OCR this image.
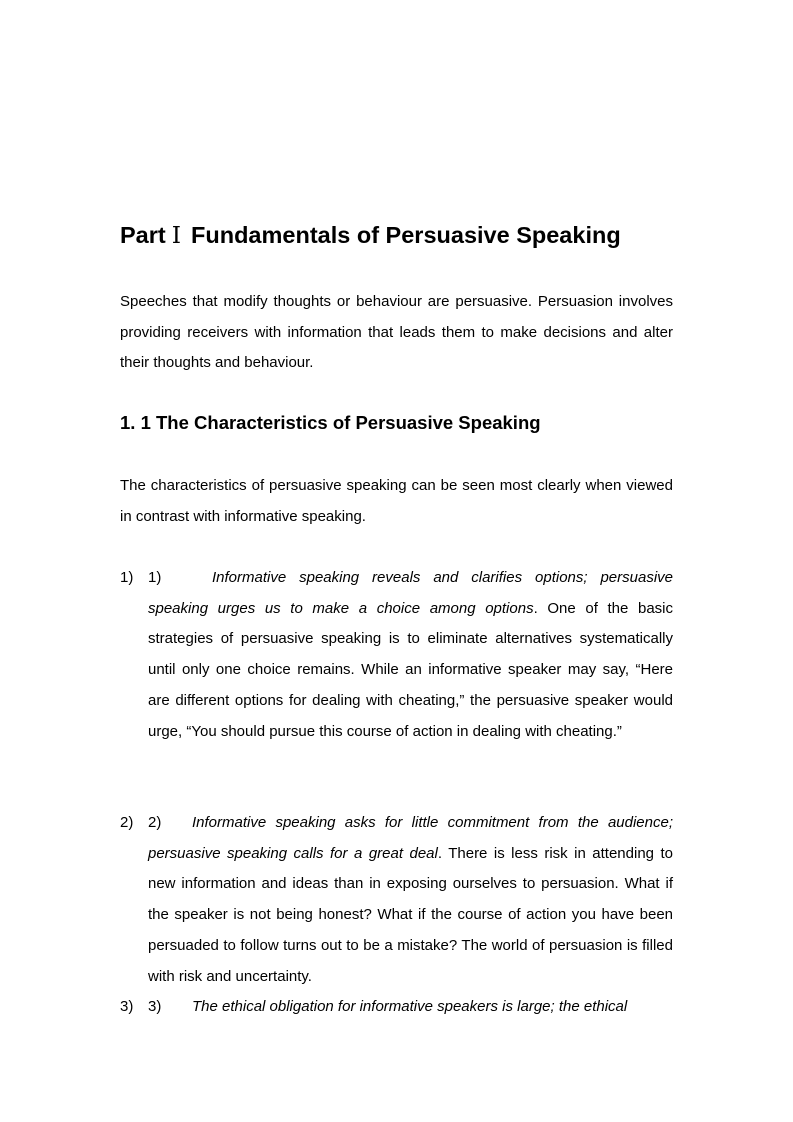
Part Ⅰ Fundamentals of Persuasive Speaking

Speeches that modify thoughts or behaviour are persuasive. Persuasion involves providing receivers with information that leads them to make decisions and alter their thoughts and behaviour.

1. 1 The Characteristics of Persuasive Speaking

The characteristics of persuasive speaking can be seen most clearly when viewed in contrast with informative speaking.

1) 1)	Informative speaking reveals and clarifies options; persuasive speaking urges us to make a choice among options. One of the basic strategies of persuasive speaking is to eliminate alternatives systematically until only one choice remains. While an informative speaker may say, “Here are different options for dealing with cheating,” the persuasive speaker would urge, “You should pursue this course of action in dealing with cheating.”
2) 2) Informative speaking asks for little commitment from the audience; persuasive speaking calls for a great deal. There is less risk in attending to new information and ideas than in exposing ourselves to persuasion. What if the speaker is not being honest? What if the course of action you have been persuaded to follow turns out to be a mistake? The world of persuasion is filled with risk and uncertainty.
3) 3) The ethical obligation for informative speakers is large; the ethical
